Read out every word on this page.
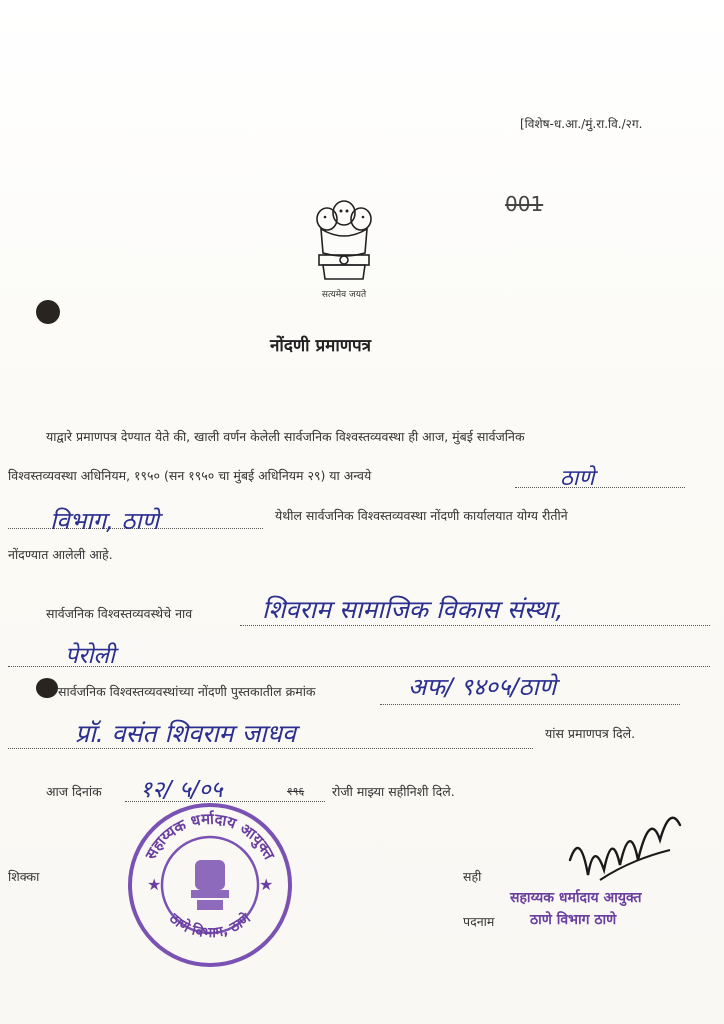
[विशेष-ध.आ./मुं.रा.वि./२ग.
001
सत्यमेव जयते
नोंदणी प्रमाणपत्र
याद्वारे प्रमाणपत्र देण्यात येते की, खाली वर्णन केलेली सार्वजनिक विश्वस्तव्यवस्था ही आज, मुंबई सार्वजनिक
विश्वस्तव्यवस्था अधिनियम, १९५० (सन १९५० चा मुंबई अधिनियम २९) या अन्वये	ठाणे
विभाग, ठाणे	येथील सार्वजनिक विश्वस्तव्यवस्था नोंदणी कार्यालयात योग्य रीतीने
नोंदण्यात आलेली आहे.
सार्वजनिक विश्वस्तव्यवस्थेचे नाव	शिवराम सामाजिक विकास संस्था,
पेरोली
सार्वजनिक विश्वस्तव्यवस्थांच्या नोंदणी पुस्तकातील क्रमांक	अफ/ ९४०५/ठाणे
प्रॉ. वसंत शिवराम जाधव	यांस प्रमाणपत्र दिले.
आज दिनांक १२/ ५/०५	१९६ रोजी माझ्या सहीनिशी दिले.
शिक्का
सहाय्यक धर्मादाय आयुक्त
ठाणे विभाग, ठाणे
★	★	सही
सहाय्यक धर्मादाय आयुक्त
पदनाम	ठाणे विभाग ठाणे
